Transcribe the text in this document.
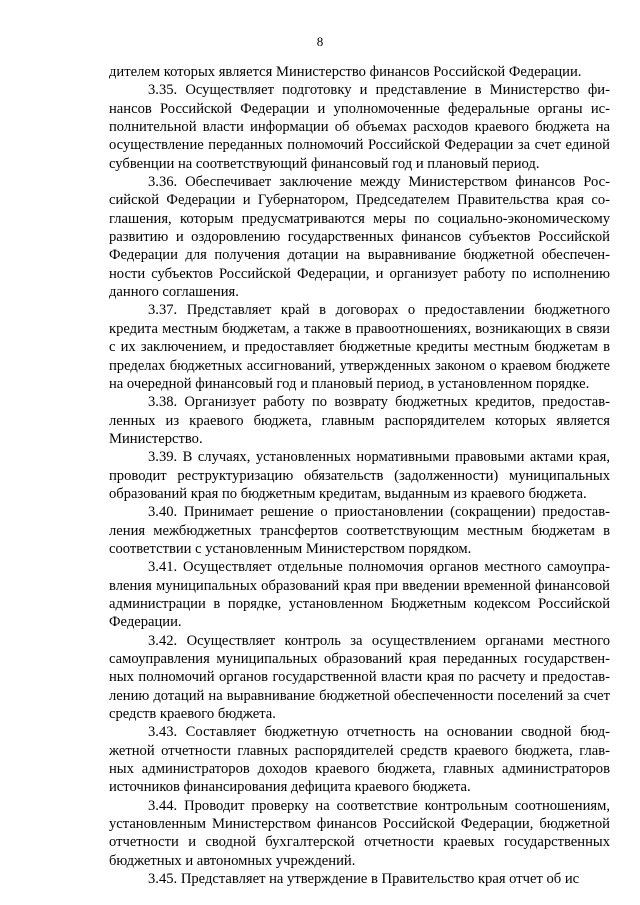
8

дителем которых является Министерство финансов Российской Федерации.

3.35. Осуществляет подготовку и представление в Министерство финансов Российской Федерации и уполномоченные федеральные органы исполнительной власти информации об объемах расходов краевого бюджета на осуществление переданных полномочий Российской Федерации за счет единой субвенции на соответствующий финансовый год и плановый период.

3.36. Обеспечивает заключение между Министерством финансов Российской Федерации и Губернатором, Председателем Правительства края соглашения, которым предусматриваются меры по социально-экономическому развитию и оздоровлению государственных финансов субъектов Российской Федерации для получения дотации на выравнивание бюджетной обеспеченности субъектов Российской Федерации, и организует работу по исполнению данного соглашения.

3.37. Представляет край в договорах о предоставлении бюджетного кредита местным бюджетам, а также в правоотношениях, возникающих в связи с их заключением, и предоставляет бюджетные кредиты местным бюджетам в пределах бюджетных ассигнований, утвержденных законом о краевом бюджете на очередной финансовый год и плановый период, в установленном порядке.

3.38. Организует работу по возврату бюджетных кредитов, предоставленных из краевого бюджета, главным распорядителем которых является Министерство.

3.39. В случаях, установленных нормативными правовыми актами края, проводит реструктуризацию обязательств (задолженности) муниципальных образований края по бюджетным кредитам, выданным из краевого бюджета.

3.40. Принимает решение о приостановлении (сокращении) предоставления межбюджетных трансфертов соответствующим местным бюджетам в соответствии с установленным Министерством порядком.

3.41. Осуществляет отдельные полномочия органов местного самоуправления муниципальных образований края при введении временной финансовой администрации в порядке, установленном Бюджетным кодексом Российской Федерации.

3.42. Осуществляет контроль за осуществлением органами местного самоуправления муниципальных образований края переданных государственных полномочий органов государственной власти края по расчету и предоставлению дотаций на выравнивание бюджетной обеспеченности поселений за счет средств краевого бюджета.

3.43. Составляет бюджетную отчетность на основании сводной бюджетной отчетности главных распорядителей средств краевого бюджета, главных администраторов доходов краевого бюджета, главных администраторов источников финансирования дефицита краевого бюджета.

3.44. Проводит проверку на соответствие контрольным соотношениям, установленным Министерством финансов Российской Федерации, бюджетной отчетности и сводной бухгалтерской отчетности краевых государственных бюджетных и автономных учреждений.

3.45. Представляет на утверждение в Правительство края отчет об ис
